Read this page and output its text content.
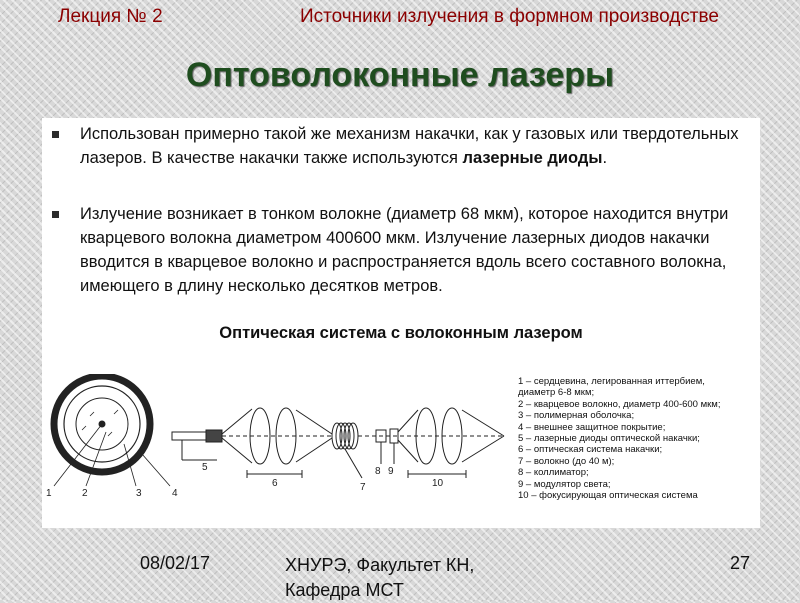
Лекция № 2	Источники излучения в формном производстве
Оптоволоконные лазеры
Использован примерно такой же механизм накачки, как у газовых или твердотельных лазеров. В качестве накачки также используются лазерные диоды.
Излучение возникает в тонком волокне (диаметр 68 мкм), которое находится внутри кварцевого волокна диаметром 400600 мкм. Излучение лазерных диодов накачки вводится в кварцевое волокно и распространяется вдоль всего составного волокна, имеющего в длину несколько десятков метров.
Оптическая система с волоконным лазером
1	2	3	4
5
6	7
8 9
10
1 – сердцевина, легированная иттербием,
диаметр 6-8 мкм;
2 – кварцевое волокно, диаметр 400-600 мкм;
3 – полимерная оболочка;
4 – внешнее защитное покрытие;
5 – лазерные диоды оптической накачки;
6 – оптическая система накачки;
7 – волокно (до 40 м);
8 – коллиматор;
9 – модулятор света;
10 – фокусирующая оптическая система
08/02/17	ХНУРЭ, Факультет КН, Кафедра МСТ
27
